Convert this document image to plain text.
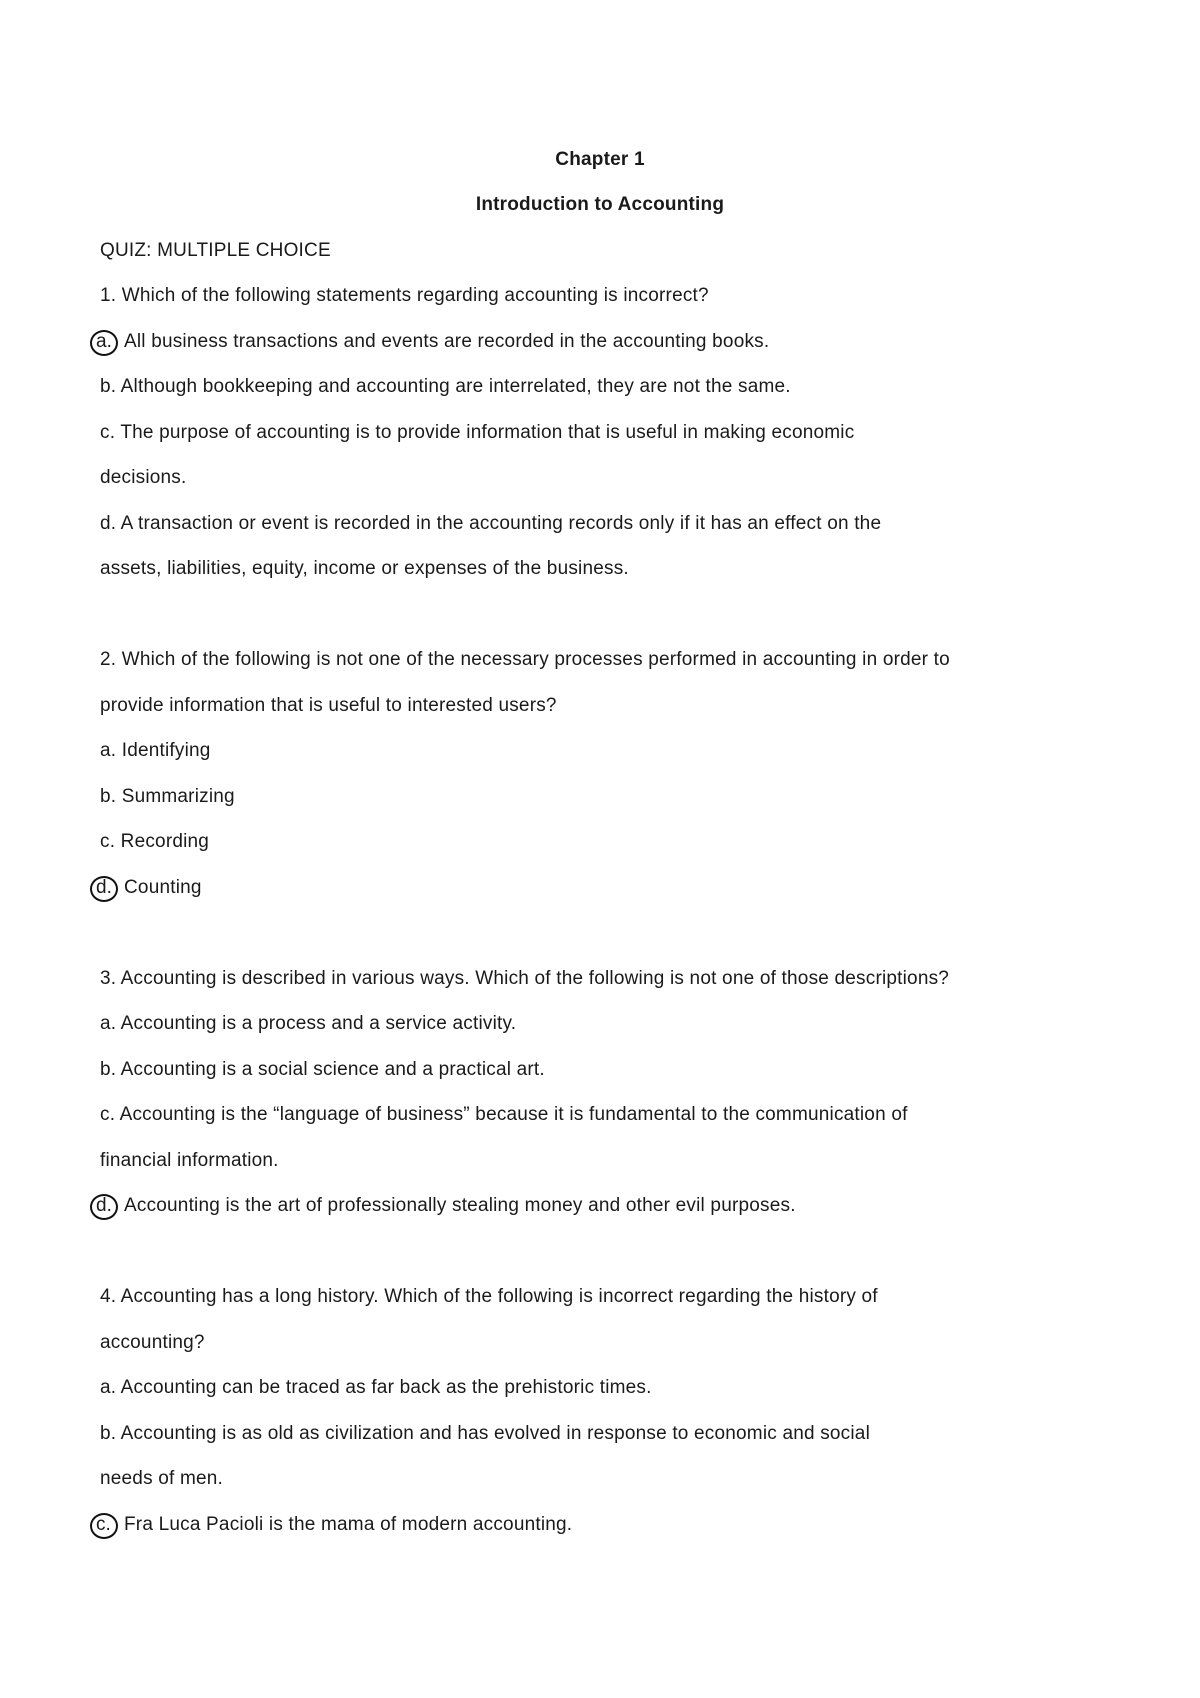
Chapter 1
Introduction to Accounting
QUIZ: MULTIPLE CHOICE
1. Which of the following statements regarding accounting is incorrect?
a. All business transactions and events are recorded in the accounting books.
b. Although bookkeeping and accounting are interrelated, they are not the same.
c. The purpose of accounting is to provide information that is useful in making economic
decisions.
d. A transaction or event is recorded in the accounting records only if it has an effect on the
assets, liabilities, equity, income or expenses of the business.
2. Which of the following is not one of the necessary processes performed in accounting in order to
provide information that is useful to interested users?
a. Identifying
b. Summarizing
c. Recording
d. Counting
3. Accounting is described in various ways. Which of the following is not one of those descriptions?
a. Accounting is a process and a service activity.
b. Accounting is a social science and a practical art.
c. Accounting is the “language of business” because it is fundamental to the communication of
financial information.
d. Accounting is the art of professionally stealing money and other evil purposes.
4. Accounting has a long history. Which of the following is incorrect regarding the history of
accounting?
a. Accounting can be traced as far back as the prehistoric times.
b. Accounting is as old as civilization and has evolved in response to economic and social
needs of men.
c. Fra Luca Pacioli is the mama of modern accounting.
